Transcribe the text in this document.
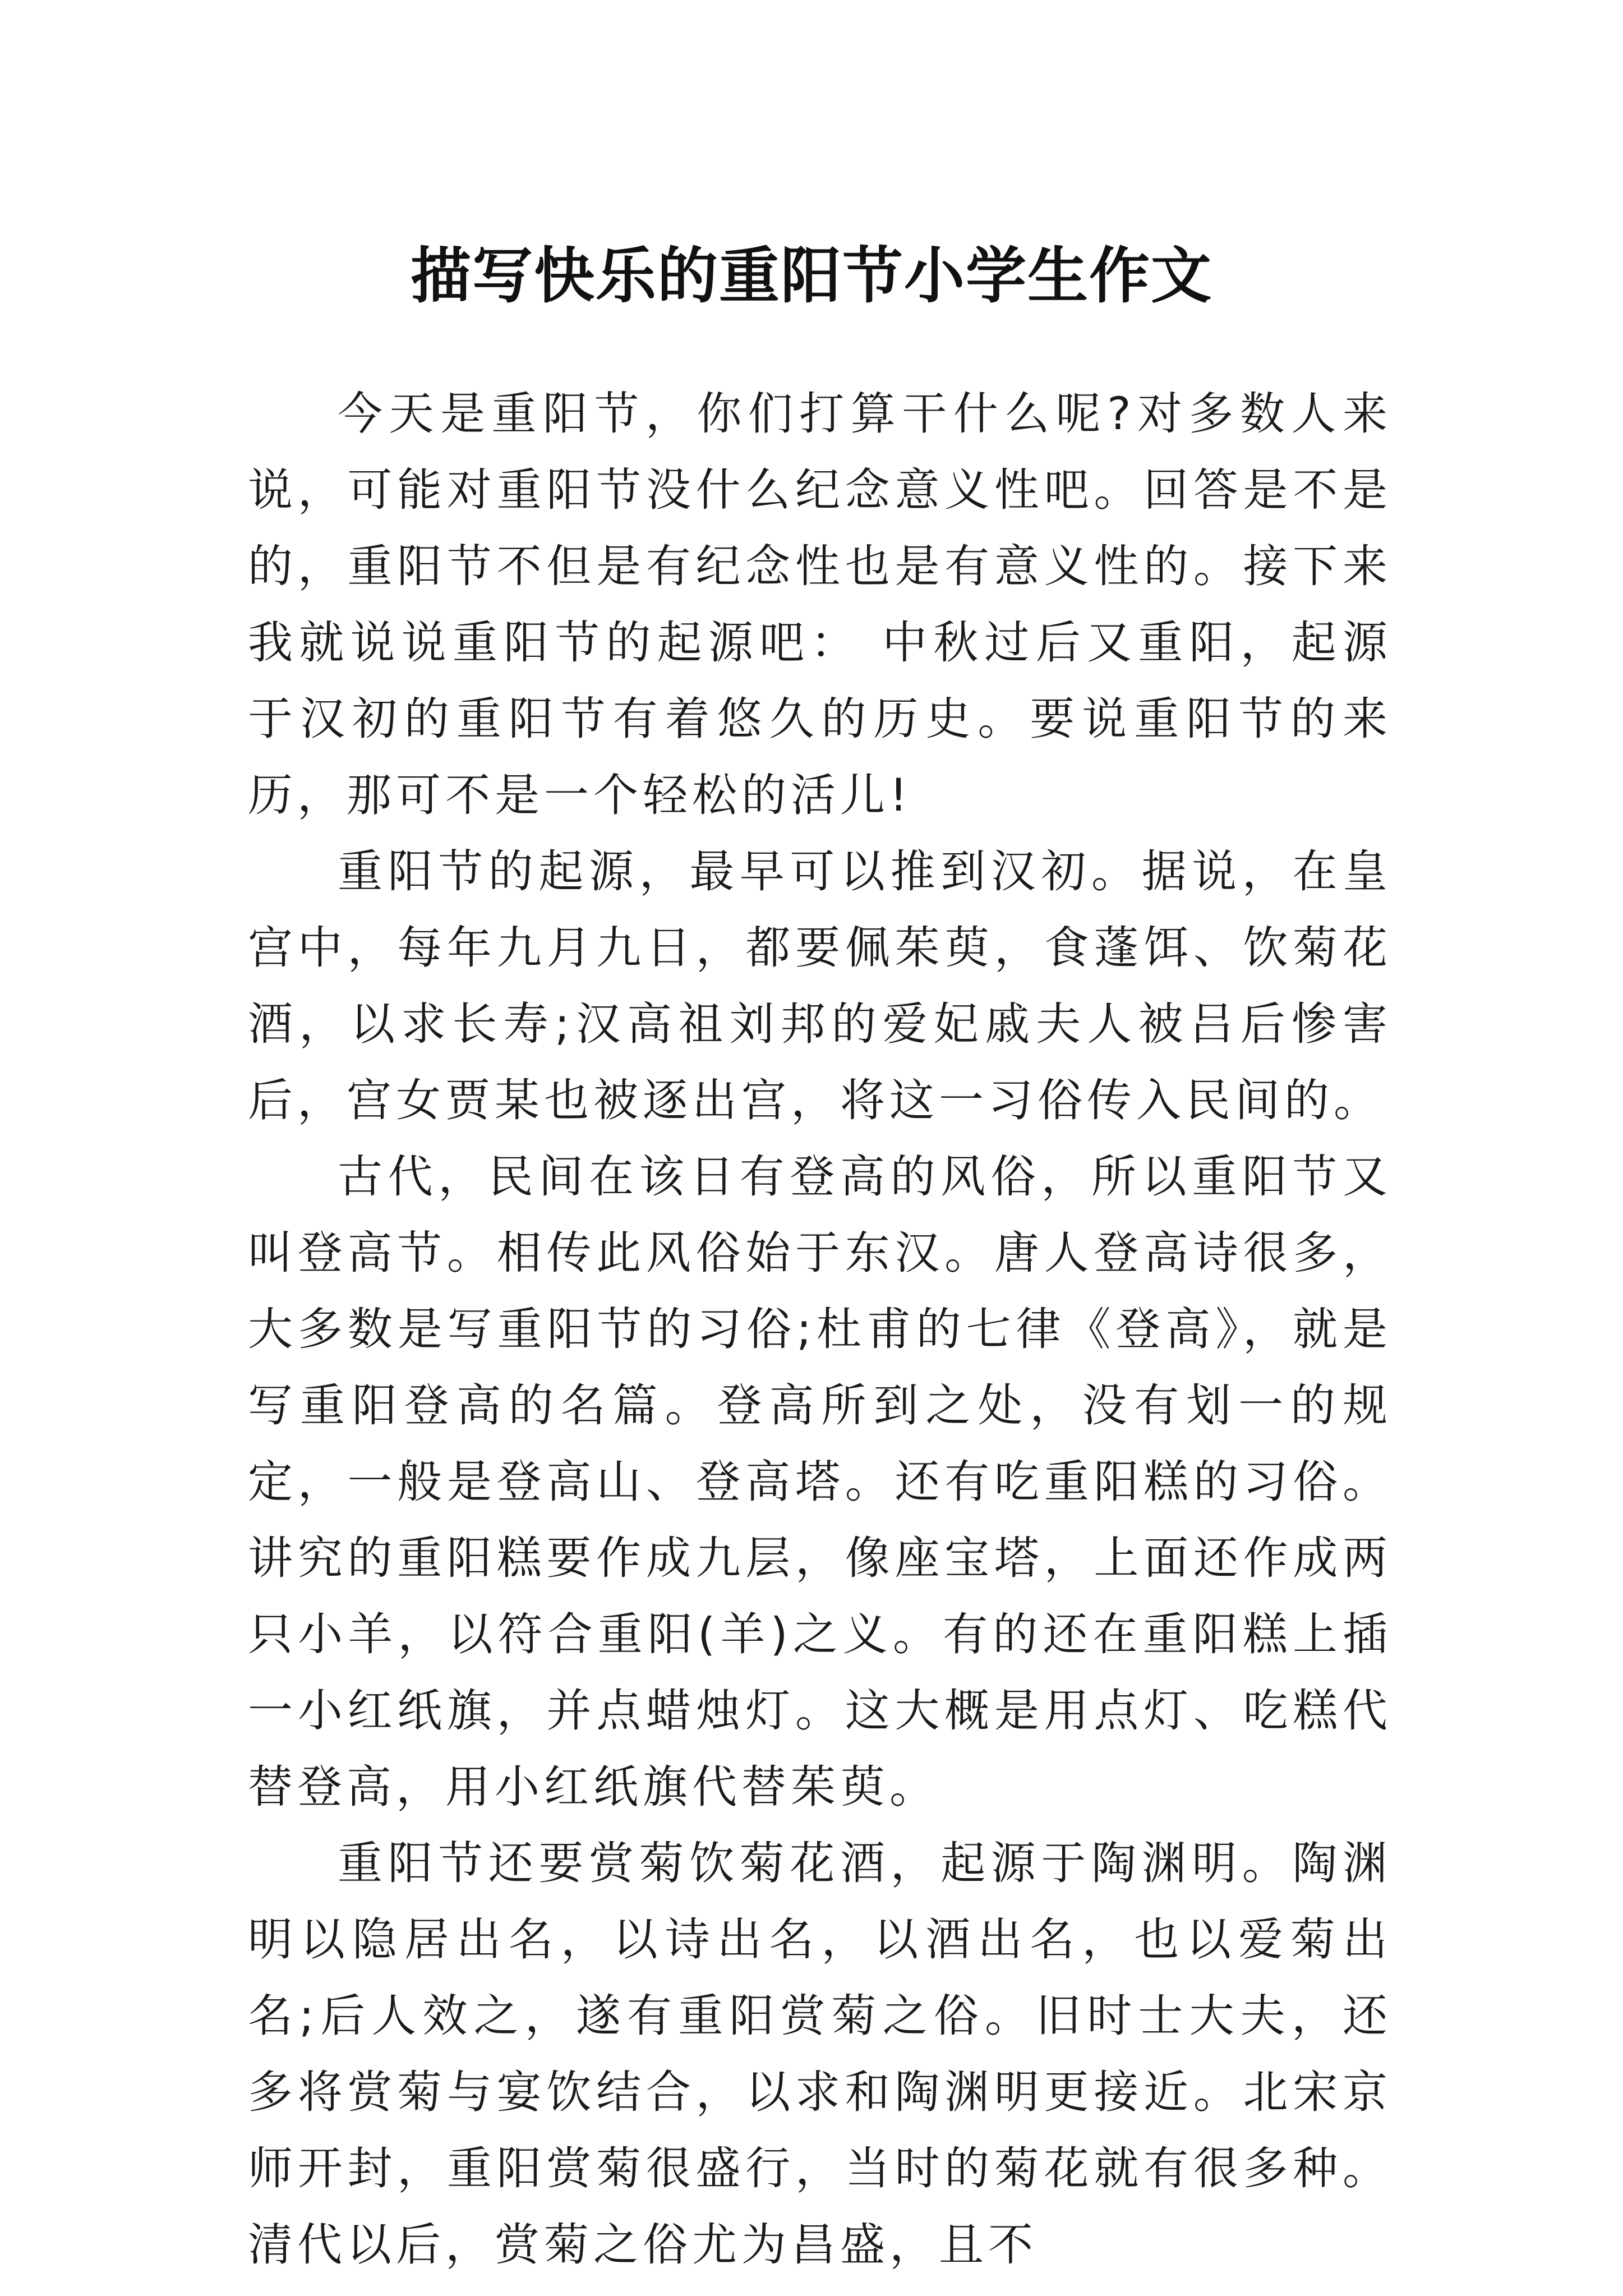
描写快乐的重阳节小学生作文

今天是重阳节，你们打算干什么呢?对多数人来说，可能对重阳节没什么纪念意义性吧。回答是不是的，重阳节不但是有纪念性也是有意义性的。接下来我就说说重阳节的起源吧： 中秋过后又重阳，起源于汉初的重阳节有着悠久的历史。要说重阳节的来历，那可不是一个轻松的活儿!

重阳节的起源，最早可以推到汉初。据说，在皇宫中，每年九月九日，都要佩茱萸，食蓬饵、饮菊花酒，以求长寿;汉高祖刘邦的爱妃戚夫人被吕后惨害后，宫女贾某也被逐出宫，将这一习俗传入民间的。

古代，民间在该日有登高的风俗，所以重阳节又叫登高节。相传此风俗始于东汉。唐人登高诗很多，大多数是写重阳节的习俗;杜甫的七律《登高》，就是写重阳登高的名篇。登高所到之处，没有划一的规定，一般是登高山、登高塔。还有吃重阳糕的习俗。讲究的重阳糕要作成九层，像座宝塔，上面还作成两只小羊，以符合重阳(羊)之义。有的还在重阳糕上插一小红纸旗，并点蜡烛灯。这大概是用点灯、吃糕代替登高，用小红纸旗代替茱萸。

重阳节还要赏菊饮菊花酒，起源于陶渊明。陶渊明以隐居出名，以诗出名，以酒出名，也以爱菊出名;后人效之，遂有重阳赏菊之俗。旧时士大夫，还多将赏菊与宴饮结合，以求和陶渊明更接近。北宋京师开封，重阳赏菊很盛行，当时的菊花就有很多种。清代以后，赏菊之俗尤为昌盛，且不
